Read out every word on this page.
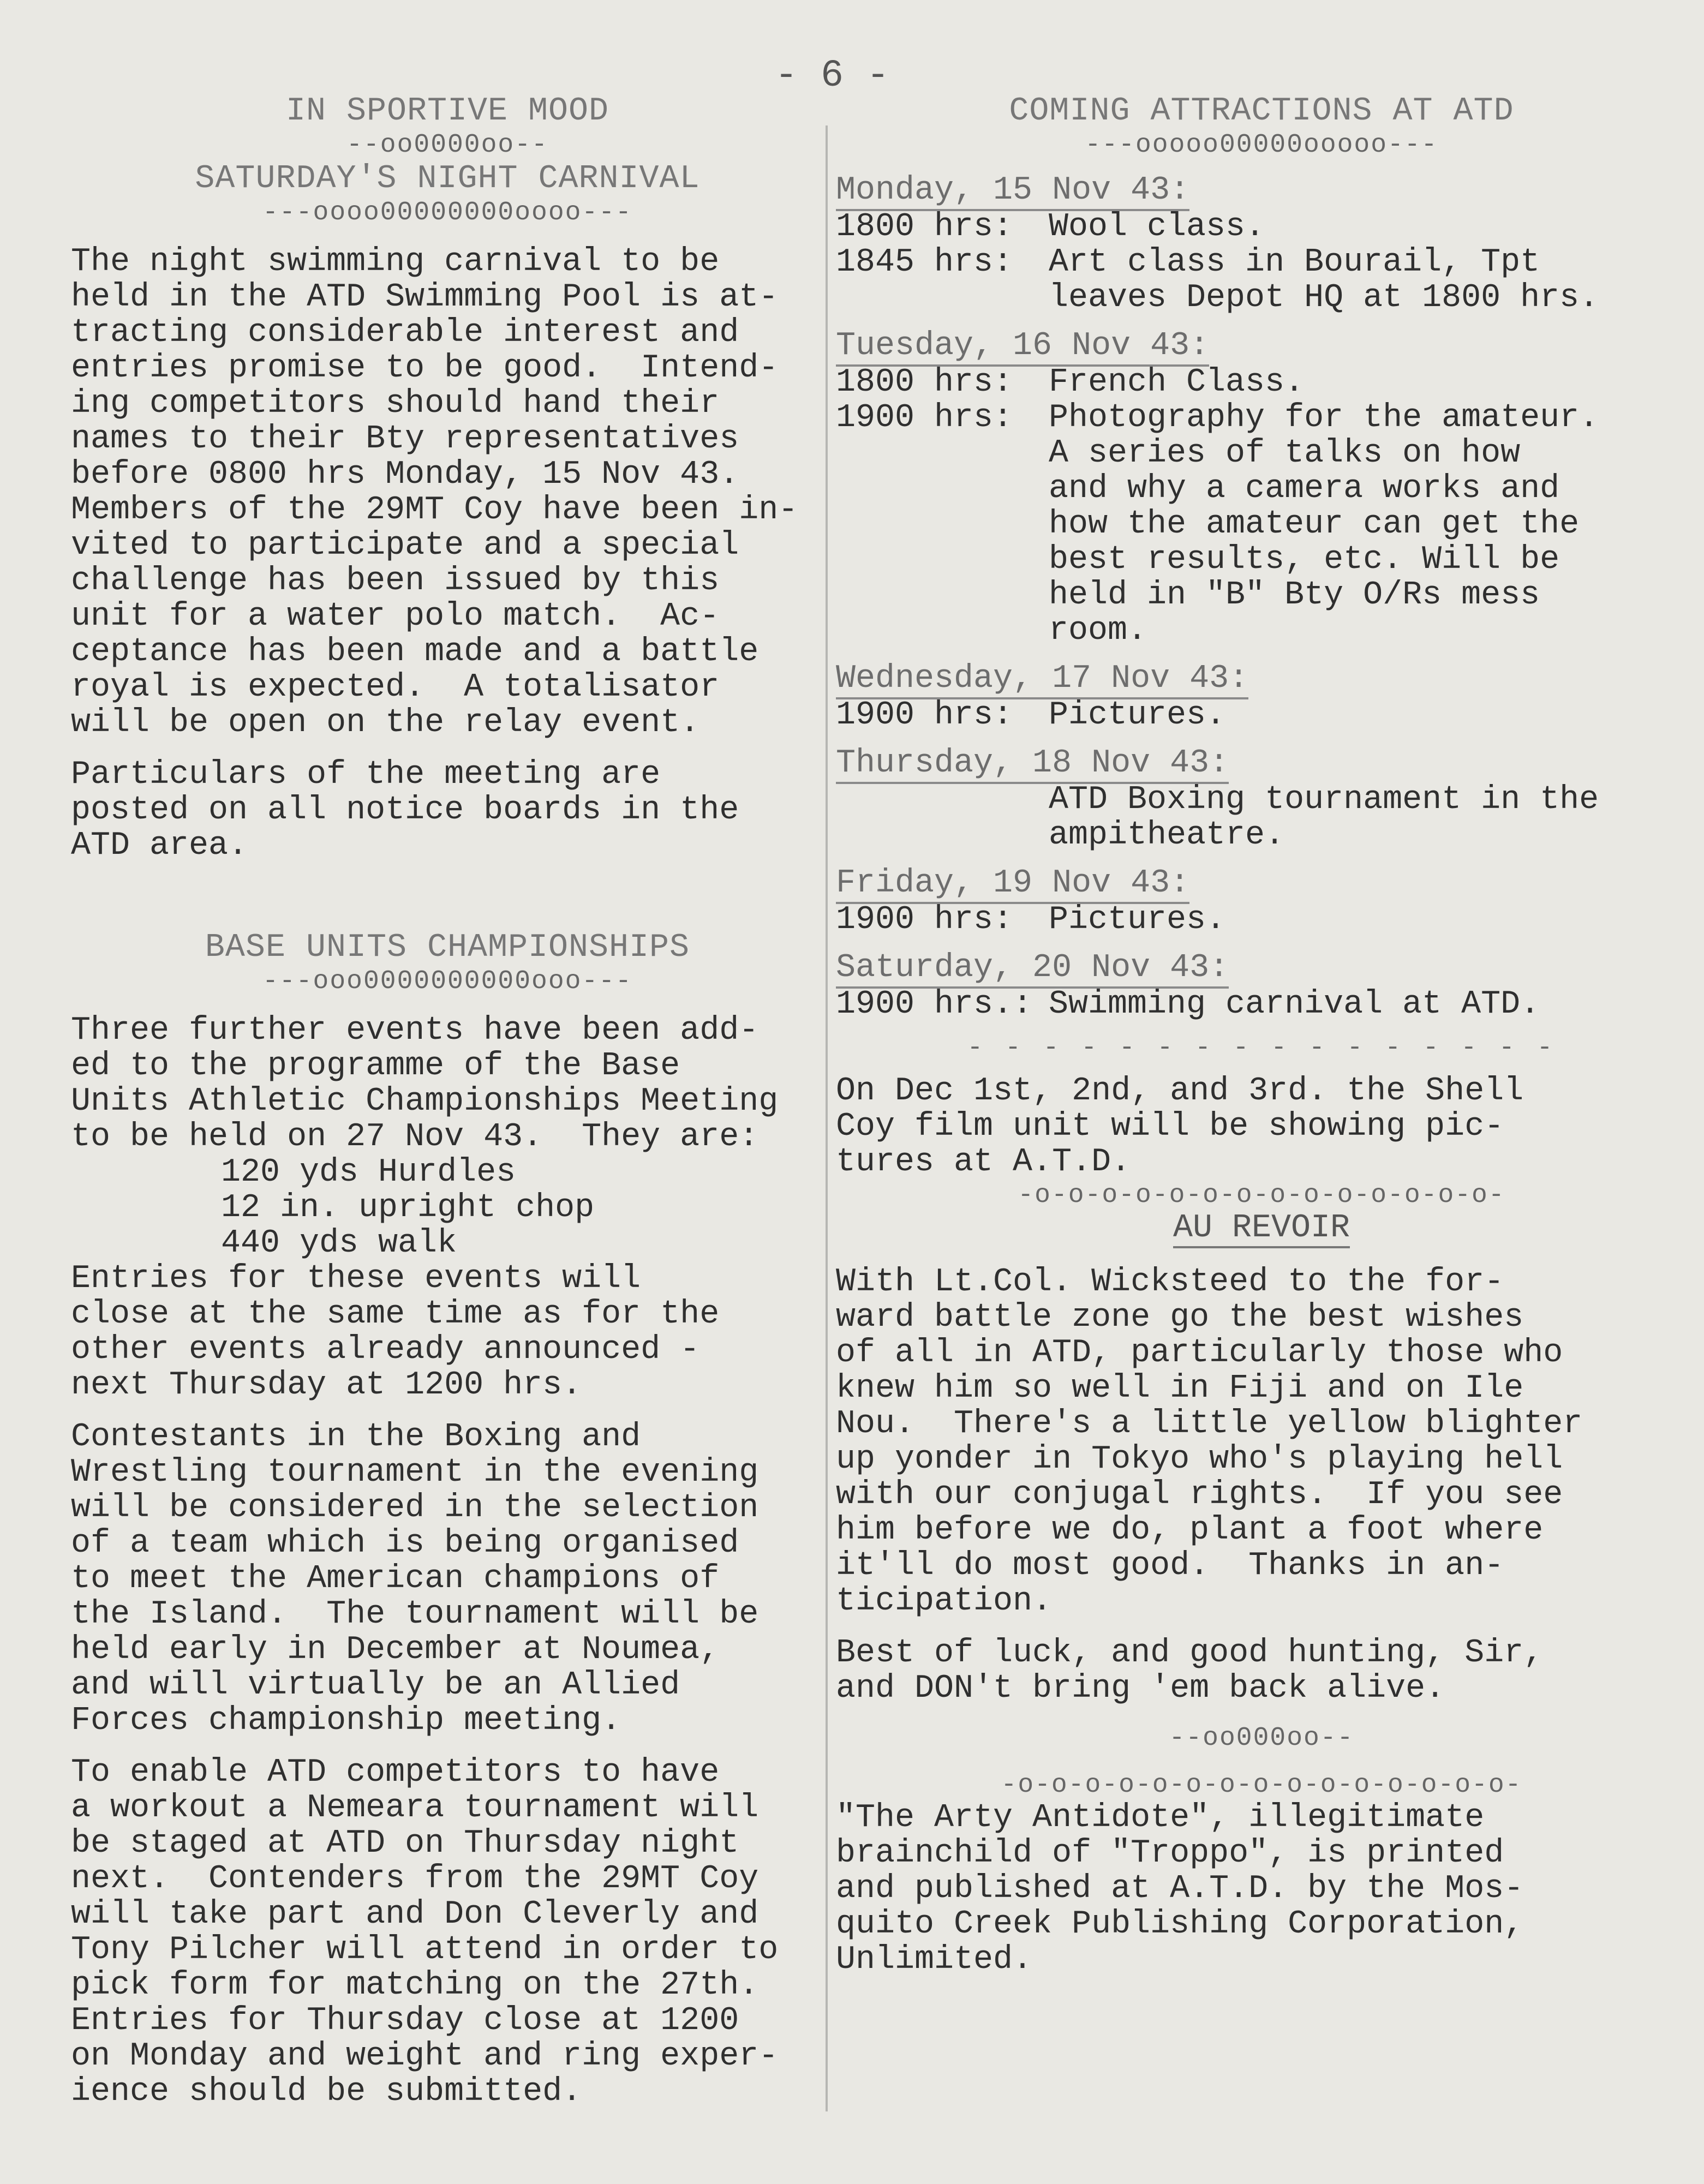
- 6 -
IN SPORTIVE MOOD
--oo0000oo--
SATURDAY'S NIGHT CARNIVAL
---oooo00000000oooo---

The night swimming carnival to be
held in the ATD Swimming Pool is at-
tracting considerable interest and
entries promise to be good.  Intend-
ing competitors should hand their
names to their Bty representatives
before 0800 hrs Monday, 15 Nov 43.
Members of the 29MT Coy have been in-
vited to participate and a special
challenge has been issued by this
unit for a water polo match.  Ac-
ceptance has been made and a battle
royal is expected.  A totalisator
will be open on the relay event.

Particulars of the meeting are
posted on all notice boards in the
ATD area.

BASE UNITS CHAMPIONSHIPS
---ooo0000000000ooo---

Three further events have been add-
ed to the programme of the Base
Units Athletic Championships Meeting
to be held on 27 Nov 43.  They are:

120 yds Hurdles
12 in. upright chop
440 yds walk

Entries for these events will
close at the same time as for the
other events already announced -
next Thursday at 1200 hrs.

Contestants in the Boxing and
Wrestling tournament in the evening
will be considered in the selection
of a team which is being organised
to meet the American champions of
the Island.  The tournament will be
held early in December at Noumea,
and will virtually be an Allied
Forces championship meeting.

To enable ATD competitors to have
a workout a Nemeara tournament will
be staged at ATD on Thursday night
next.  Contenders from the 29MT Coy
will take part and Don Cleverly and
Tony Pilcher will attend in order to
pick form for matching on the 27th.
Entries for Thursday close at 1200
on Monday and weight and ring exper-
ience should be submitted.

COMING ATTRACTIONS AT ATD
---ooooo00000ooooo---
Monday, 15 Nov 43:
1800 hrs:	Wool class.
1845 hrs:	Art class in Bourail, Tpt
leaves Depot HQ at 1800 hrs.
Tuesday, 16 Nov 43:
1800 hrs:	French Class.
1900 hrs:	Photography for the amateur.
A series of talks on how
and why a camera works and
how the amateur can get the
best results, etc. Will be
held in "B" Bty O/Rs mess
room.
Wednesday, 17 Nov 43:
1900 hrs:	Pictures.
Thursday, 18 Nov 43:
ATD Boxing tournament in the
ampitheatre.
Friday, 19 Nov 43:
1900 hrs:	Pictures.
Saturday, 20 Nov 43:
1900 hrs.: Swimming carnival at ATD.
- - - - - - - - - - - - - - - -

On Dec 1st, 2nd, and 3rd. the Shell
Coy film unit will be showing pic-
tures at A.T.D.

-o-o-o-o-o-o-o-o-o-o-o-o-o-o-
AU REVOIR

With Lt.Col. Wicksteed to the for-
ward battle zone go the best wishes
of all in ATD, particularly those who
knew him so well in Fiji and on Ile
Nou.  There's a little yellow blighter
up yonder in Tokyo who's playing hell
with our conjugal rights.  If you see
him before we do, plant a foot where
it'll do most good.  Thanks in an-
ticipation.

Best of luck, and good hunting, Sir,
and DON't bring 'em back alive.

--oo000oo--
-o-o-o-o-o-o-o-o-o-o-o-o-o-o-o-

"The Arty Antidote", illegitimate
brainchild of "Troppo", is printed
and published at A.T.D. by the Mos-
quito Creek Publishing Corporation,
Unlimited.
